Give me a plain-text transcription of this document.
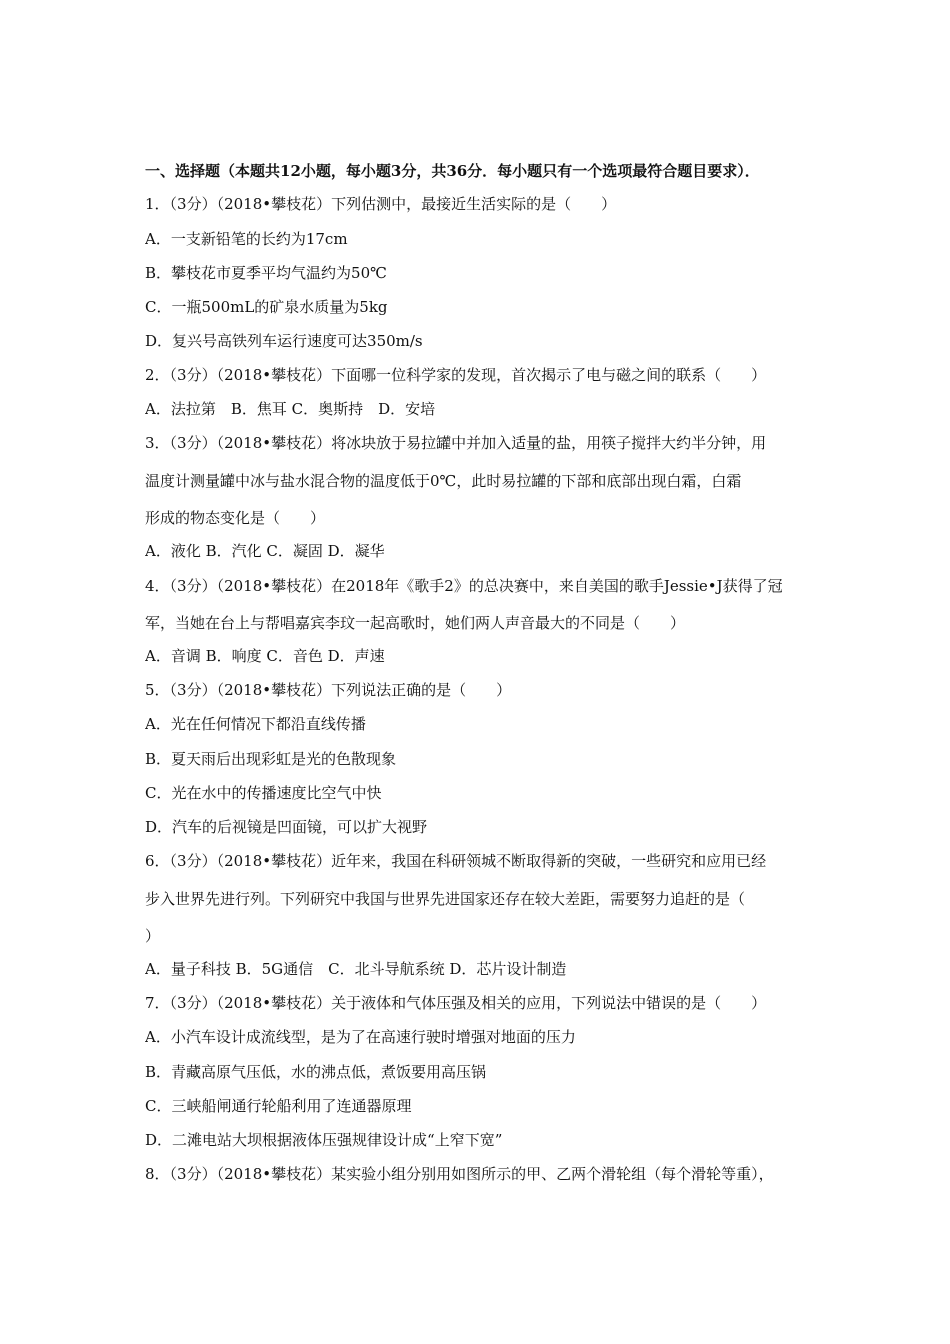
一、选择题（本题共12小题，每小题3分，共36分．每小题只有一个选项最符合题目要求）．
1．（3分）（2018•攀枝花）下列估测中，最接近生活实际的是（　　）
A．一支新铅笔的长约为17cm
B．攀枝花市夏季平均气温约为50℃
C．一瓶500mL的矿泉水质量为5kg
D．复兴号高铁列车运行速度可达350m/s
2．（3分）（2018•攀枝花）下面哪一位科学家的发现，首次揭示了电与磁之间的联系（　　）
A．法拉第　B．焦耳 C．奥斯持　D．安培
3．（3分）（2018•攀枝花）将冰块放于易拉罐中并加入适量的盐，用筷子搅拌大约半分钟，用
温度计测量罐中冰与盐水混合物的温度低于0℃，此时易拉罐的下部和底部出现白霜，白霜
形成的物态变化是（　　）
A．液化 B．汽化 C．凝固 D．凝华
4．（3分）（2018•攀枝花）在2018年《歌手2》的总决赛中，来自美国的歌手Jessie•J获得了冠
军，当她在台上与帮唱嘉宾李玟一起高歌时，她们两人声音最大的不同是（　　）
A．音调 B．响度 C．音色 D．声速
5．（3分）（2018•攀枝花）下列说法正确的是（　　）
A．光在任何情况下都沿直线传播
B．夏天雨后出现彩虹是光的色散现象
C．光在水中的传播速度比空气中快
D．汽车的后视镜是凹面镜，可以扩大视野
6．（3分）（2018•攀枝花）近年来，我国在科研领城不断取得新的突破，一些研究和应用已经
步入世界先进行列。下列研究中我国与世界先进国家还存在较大差距，需要努力追赶的是（
）
A．量子科技 B．5G通信　C．北斗导航系统 D．芯片设计制造
7．（3分）（2018•攀枝花）关于液体和气体压强及相关的应用，下列说法中错误的是（　　）
A．小汽车设计成流线型，是为了在高速行驶时增强对地面的压力
B．青藏高原气压低，水的沸点低，煮饭要用高压锅
C．三峡船闸通行轮船利用了连通器原理
D．二滩电站大坝根据液体压强规律设计成“上窄下宽”
8．（3分）（2018•攀枝花）某实验小组分别用如图所示的甲、乙两个滑轮组（每个滑轮等重），
